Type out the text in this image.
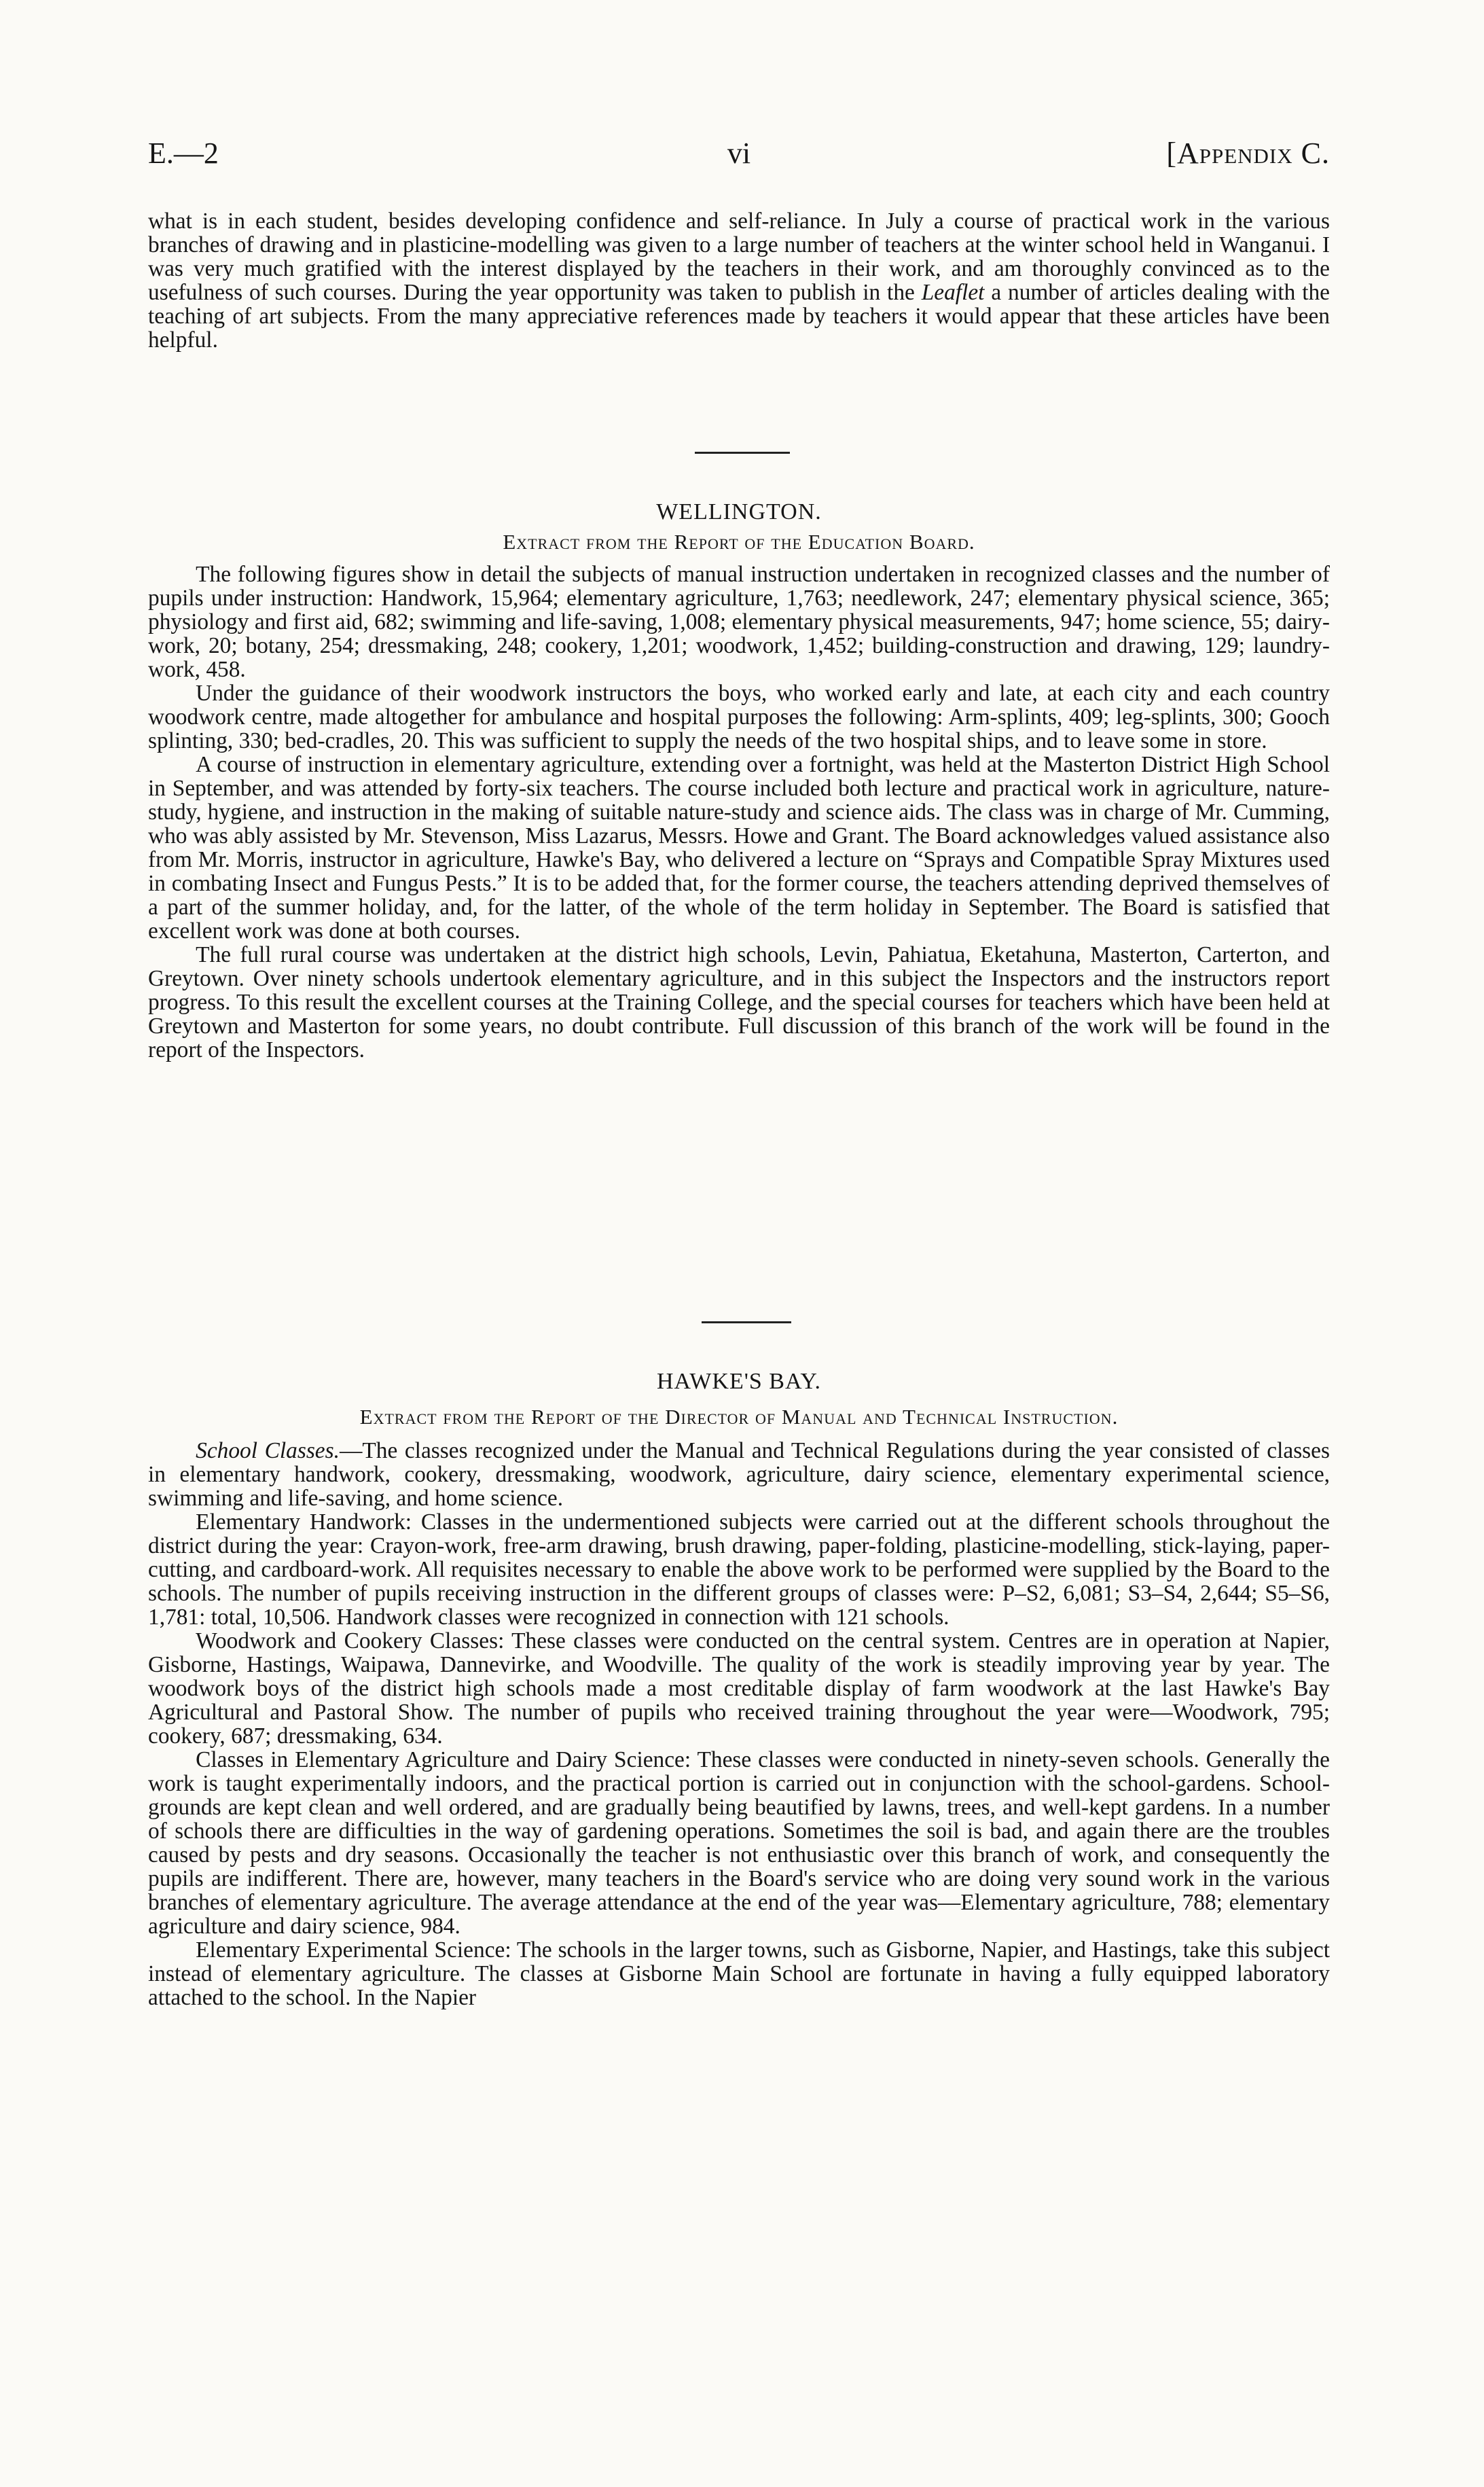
E.—2	vi	[Appendix C.

what is in each student, besides developing confidence and self-reliance. In July a course of practical work in the various branches of drawing and in plasticine-modelling was given to a large number of teachers at the winter school held in Wanganui. I was very much gratified with the interest displayed by the teachers in their work, and am thoroughly convinced as to the usefulness of such courses. During the year opportunity was taken to publish in the Leaflet a number of articles dealing with the teaching of art subjects. From the many appreciative references made by teachers it would appear that these articles have been helpful.

WELLINGTON.
Extract from the Report of the Education Board.

The following figures show in detail the subjects of manual instruction undertaken in recognized classes and the number of pupils under instruction: Handwork, 15,964; elementary agriculture, 1,763; needlework, 247; elementary physical science, 365; physiology and first aid, 682; swimming and life-saving, 1,008; elementary physical measurements, 947; home science, 55; dairy-work, 20; botany, 254; dressmaking, 248; cookery, 1,201; woodwork, 1,452; building-construction and drawing, 129; laundry-work, 458.

Under the guidance of their woodwork instructors the boys, who worked early and late, at each city and each country woodwork centre, made altogether for ambulance and hospital purposes the following: Arm-splints, 409; leg-splints, 300; Gooch splinting, 330; bed-cradles, 20. This was sufficient to supply the needs of the two hospital ships, and to leave some in store.

A course of instruction in elementary agriculture, extending over a fortnight, was held at the Masterton District High School in September, and was attended by forty-six teachers. The course included both lecture and practical work in agriculture, nature-study, hygiene, and instruction in the making of suitable nature-study and science aids. The class was in charge of Mr. Cumming, who was ably assisted by Mr. Stevenson, Miss Lazarus, Messrs. Howe and Grant. The Board acknowledges valued assistance also from Mr. Morris, instructor in agriculture, Hawke's Bay, who delivered a lecture on “Sprays and Compatible Spray Mixtures used in combating Insect and Fungus Pests.” It is to be added that, for the former course, the teachers attending deprived themselves of a part of the summer holiday, and, for the latter, of the whole of the term holiday in September. The Board is satisfied that excellent work was done at both courses.

The full rural course was undertaken at the district high schools, Levin, Pahiatua, Eketahuna, Masterton, Carterton, and Greytown. Over ninety schools undertook elementary agriculture, and in this subject the Inspectors and the instructors report progress. To this result the excellent courses at the Training College, and the special courses for teachers which have been held at Greytown and Masterton for some years, no doubt contribute. Full discussion of this branch of the work will be found in the report of the Inspectors.

HAWKE'S BAY.
Extract from the Report of the Director of Manual and Technical Instruction.

School Classes.—The classes recognized under the Manual and Technical Regulations during the year consisted of classes in elementary handwork, cookery, dressmaking, woodwork, agriculture, dairy science, elementary experimental science, swimming and life-saving, and home science.

Elementary Handwork: Classes in the undermentioned subjects were carried out at the different schools throughout the district during the year: Crayon-work, free-arm drawing, brush drawing, paper-folding, plasticine-modelling, stick-laying, paper-cutting, and cardboard-work. All requisites necessary to enable the above work to be performed were supplied by the Board to the schools. The number of pupils receiving instruction in the different groups of classes were: P–S2, 6,081; S3–S4, 2,644; S5–S6, 1,781: total, 10,506. Handwork classes were recognized in connection with 121 schools.

Woodwork and Cookery Classes: These classes were conducted on the central system. Centres are in operation at Napier, Gisborne, Hastings, Waipawa, Dannevirke, and Woodville. The quality of the work is steadily improving year by year. The woodwork boys of the district high schools made a most creditable display of farm woodwork at the last Hawke's Bay Agricultural and Pastoral Show. The number of pupils who received training throughout the year were—Woodwork, 795; cookery, 687; dressmaking, 634.

Classes in Elementary Agriculture and Dairy Science: These classes were conducted in ninety-seven schools. Generally the work is taught experimentally indoors, and the practical portion is carried out in conjunction with the school-gardens. School-grounds are kept clean and well ordered, and are gradually being beautified by lawns, trees, and well-kept gardens. In a number of schools there are difficulties in the way of gardening operations. Sometimes the soil is bad, and again there are the troubles caused by pests and dry seasons. Occasionally the teacher is not enthusiastic over this branch of work, and consequently the pupils are indifferent. There are, however, many teachers in the Board's service who are doing very sound work in the various branches of elementary agriculture. The average attendance at the end of the year was—Elementary agriculture, 788; elementary agriculture and dairy science, 984.

Elementary Experimental Science: The schools in the larger towns, such as Gisborne, Napier, and Hastings, take this subject instead of elementary agriculture. The classes at Gisborne Main School are fortunate in having a fully equipped laboratory attached to the school. In the Napier
